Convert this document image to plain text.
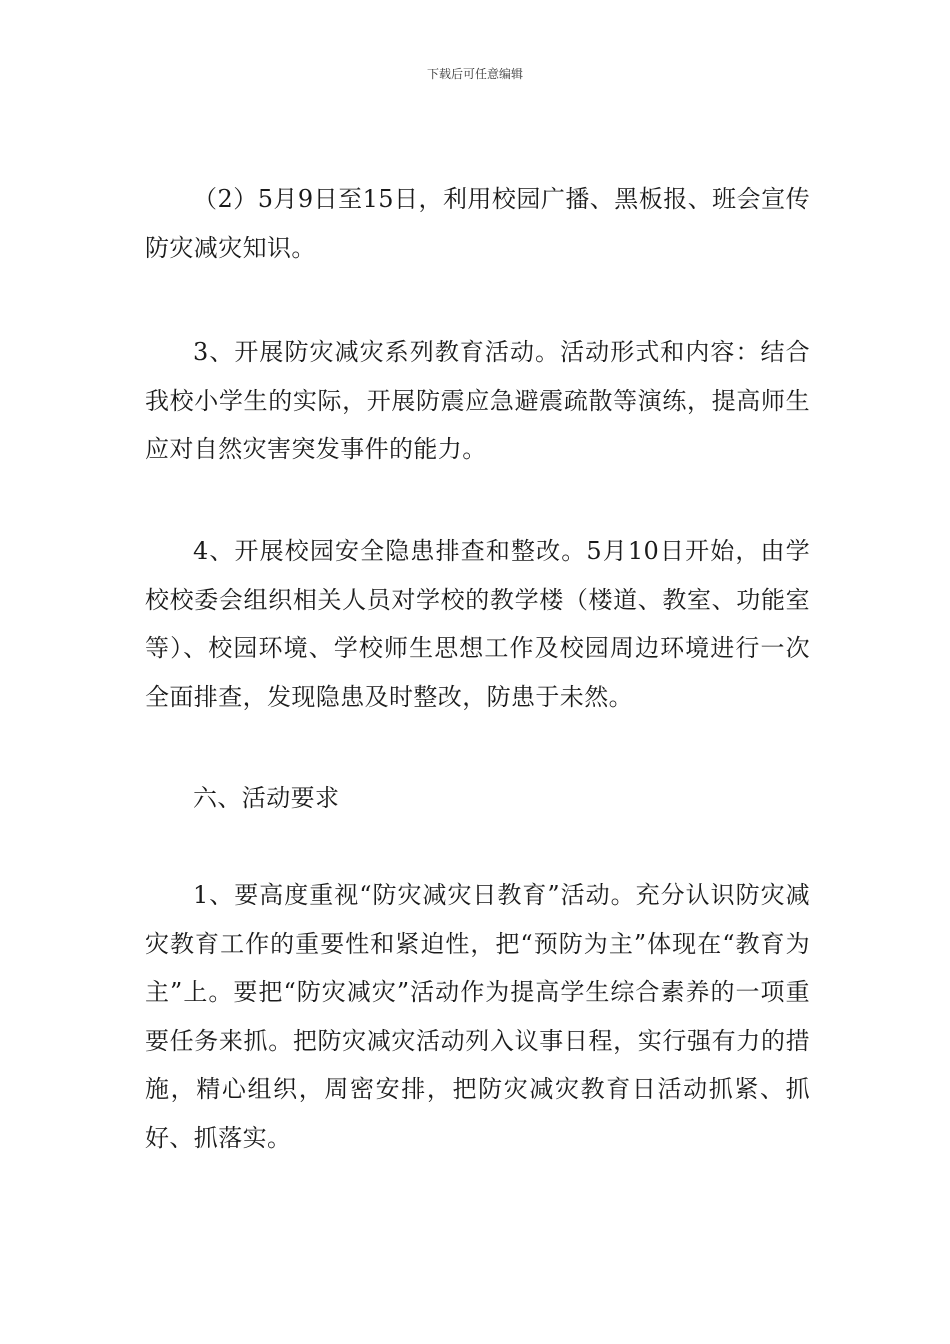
下载后可任意编辑

（2）5月9日至15日，利用校园广播、黑板报、班会宣传防灾减灾知识。

3、开展防灾减灾系列教育活动。活动形式和内容：结合我校小学生的实际，开展防震应急避震疏散等演练，提高师生应对自然灾害突发事件的能力。

4、开展校园安全隐患排查和整改。5月10日开始，由学校校委会组织相关人员对学校的教学楼（楼道、教室、功能室等）、校园环境、学校师生思想工作及校园周边环境进行一次全面排查，发现隐患及时整改，防患于未然。

六、活动要求

1、要高度重视“防灾减灾日教育”活动。充分认识防灾减灾教育工作的重要性和紧迫性，把“预防为主”体现在“教育为主”上。要把“防灾减灾”活动作为提高学生综合素养的一项重要任务来抓。把防灾减灾活动列入议事日程，实行强有力的措施，精心组织，周密安排，把防灾减灾教育日活动抓紧、抓好、抓落实。
